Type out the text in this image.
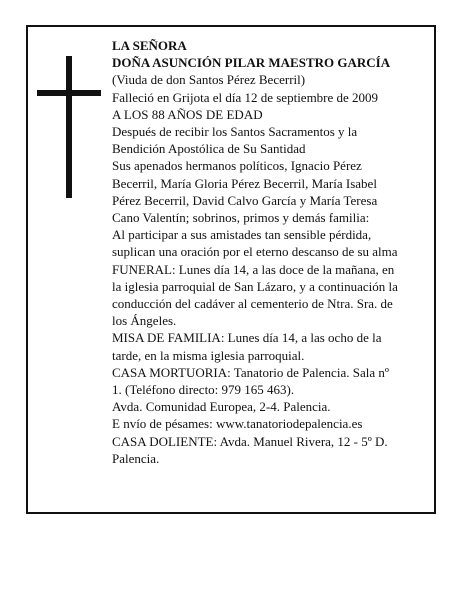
LA SEÑORA
DOÑA ASUNCIÓN PILAR MAESTRO GARCÍA
(Viuda de don Santos Pérez Becerril)
Falleció en Grijota el día 12 de septiembre de 2009
A LOS 88 AÑOS DE EDAD
Después de recibir los Santos Sacramentos y la
Bendición Apostólica de Su Santidad
Sus apenados hermanos políticos, Ignacio Pérez
Becerril, María Gloria Pérez Becerril, María Isabel
Pérez Becerril, David Calvo García y María Teresa
Cano Valentín; sobrinos, primos y demás familia:
Al participar a sus amistades tan sensible pérdida,
suplican una oración por el eterno descanso de su alma
FUNERAL: Lunes día 14, a las doce de la mañana, en
la iglesia parroquial de San Lázaro, y a continuación la
conducción del cadáver al cementerio de Ntra. Sra. de
los Ángeles.
MISA DE FAMILIA: Lunes día 14, a las ocho de la
tarde, en la misma iglesia parroquial.
CASA MORTUORIA: Tanatorio de Palencia. Sala nº
1. (Teléfono directo: 979 165 463).
Avda. Comunidad Europea, 2-4. Palencia.
E nvío de pésames: www.tanatoriodepalencia.es
CASA DOLIENTE: Avda. Manuel Rivera, 12 - 5º D.
Palencia.
